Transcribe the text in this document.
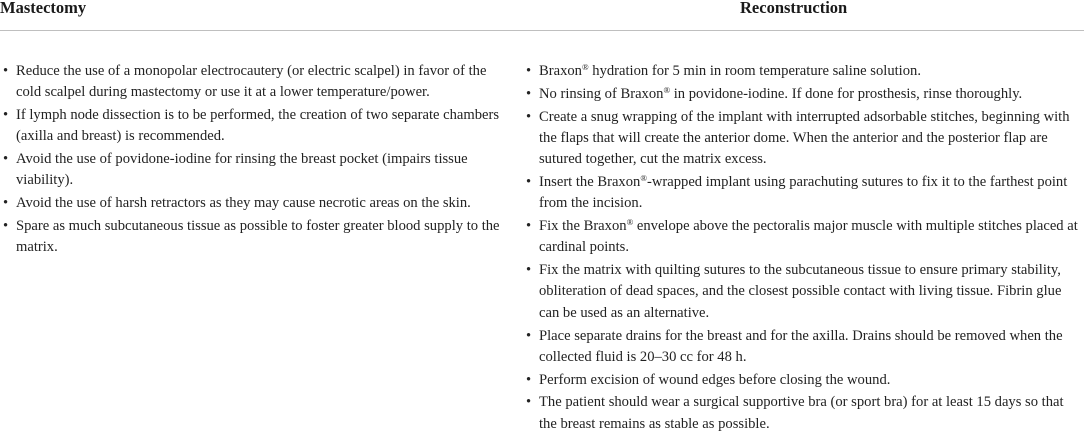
Mastectomy	Reconstruction
• Reduce the use of a monopolar electrocautery (or electric scalpel) in favor of the cold scalpel during mastectomy or use it at a lower temperature/power.
• If lymph node dissection is to be performed, the creation of two separate chambers (axilla and breast) is recommended.
• Avoid the use of povidone-iodine for rinsing the breast pocket (impairs tissue viability).
• Avoid the use of harsh retractors as they may cause necrotic areas on the skin.
• Spare as much subcutaneous tissue as possible to foster greater blood supply to the matrix.
• Braxon® hydration for 5 min in room temperature saline solution.
• No rinsing of Braxon® in povidone-iodine. If done for prosthesis, rinse thoroughly.
• Create a snug wrapping of the implant with interrupted adsorbable stitches, beginning with the flaps that will create the anterior dome. When the anterior and the posterior flap are sutured together, cut the matrix excess.
• Insert the Braxon®-wrapped implant using parachuting sutures to fix it to the farthest point from the incision.
• Fix the Braxon® envelope above the pectoralis major muscle with multiple stitches placed at cardinal points.
• Fix the matrix with quilting sutures to the subcutaneous tissue to ensure primary stability, obliteration of dead spaces, and the closest possible contact with living tissue. Fibrin glue can be used as an alternative.
• Place separate drains for the breast and for the axilla. Drains should be removed when the collected fluid is 20–30 cc for 48 h.
• Perform excision of wound edges before closing the wound.
• The patient should wear a surgical supportive bra (or sport bra) for at least 15 days so that the breast remains as stable as possible.
